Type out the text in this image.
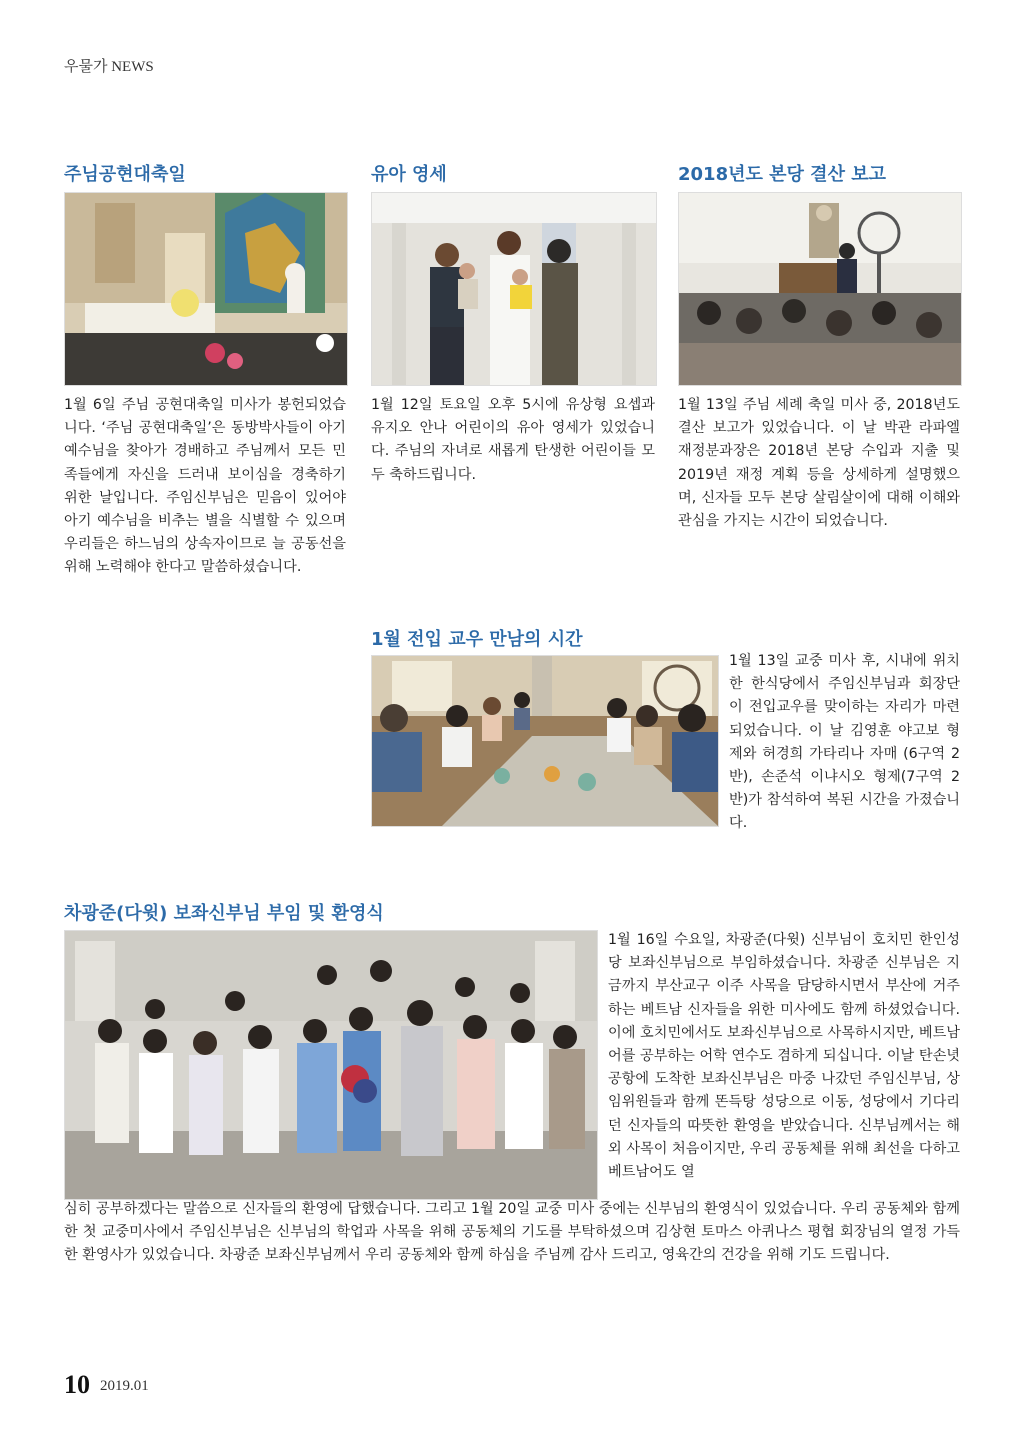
우물가 NEWS
주님공현대축일
1월 6일 주님 공현대축일 미사가 봉헌되었습니다. ‘주님 공현대축일’은 동방박사들이 아기 예수님을 찾아가 경배하고 주님께서 모든 민족들에게 자신을 드러내 보이심을 경축하기 위한 날입니다. 주임신부님은 믿음이 있어야 아기 예수님을 비추는 별을 식별할 수 있으며 우리들은 하느님의 상속자이므로 늘 공동선을 위해 노력해야 한다고 말씀하셨습니다.
유아 영세
1월 12일 토요일 오후 5시에 유상형 요셉과 유지오 안나 어린이의 유아 영세가 있었습니다. 주님의 자녀로 새롭게 탄생한 어린이들 모두 축하드립니다.
2018년도 본당 결산 보고
1월 13일 주님 세례 축일 미사 중, 2018년도 결산 보고가 있었습니다. 이 날 박관 라파엘 재정분과장은 2018년 본당 수입과 지출 및 2019년 재정 계획 등을 상세하게 설명했으며, 신자들 모두 본당 살림살이에 대해 이해와 관심을 가지는 시간이 되었습니다.
1월 전입 교우 만남의 시간
1월 13일 교중 미사 후, 시내에 위치한 한식당에서 주임신부님과 회장단이 전입교우를 맞이하는 자리가 마련되었습니다. 이 날 김영훈 야고보 형제와 허경희 가타리나 자매 (6구역 2반), 손준석 이냐시오 형제(7구역 2반)가 참석하여 복된 시간을 가졌습니다.
차광준(다윗) 보좌신부님 부임 및 환영식
1월 16일 수요일, 차광준(다윗) 신부님이 호치민 한인성당 보좌신부님으로 부임하셨습니다. 차광준 신부님은 지금까지 부산교구 이주 사목을 담당하시면서 부산에 거주하는 베트남 신자들을 위한 미사에도 함께 하셨었습니다. 이에 호치민에서도 보좌신부님으로 사목하시지만, 베트남어를 공부하는 어학 연수도 겸하게 되십니다. 이날 탄손녓 공항에 도착한 보좌신부님은 마중 나갔던 주임신부님, 상임위원들과 함께 똔득탕 성당으로 이동, 성당에서 기다리던 신자들의 따뜻한 환영을 받았습니다. 신부님께서는 해외 사목이 처음이지만, 우리 공동체를 위해 최선을 다하고 베트남어도 열
심히 공부하겠다는 말씀으로 신자들의 환영에 답했습니다. 그리고 1월 20일 교중 미사 중에는 신부님의 환영식이 있었습니다. 우리 공동체와 함께 한 첫 교중미사에서 주임신부님은 신부님의 학업과 사목을 위해 공동체의 기도를 부탁하셨으며 김상현 토마스 아퀴나스 평협 회장님의 열정 가득한 환영사가 있었습니다. 차광준 보좌신부님께서 우리 공동체와 함께 하심을 주님께 감사 드리고, 영육간의 건강을 위해 기도 드립니다.
10 2019.01
